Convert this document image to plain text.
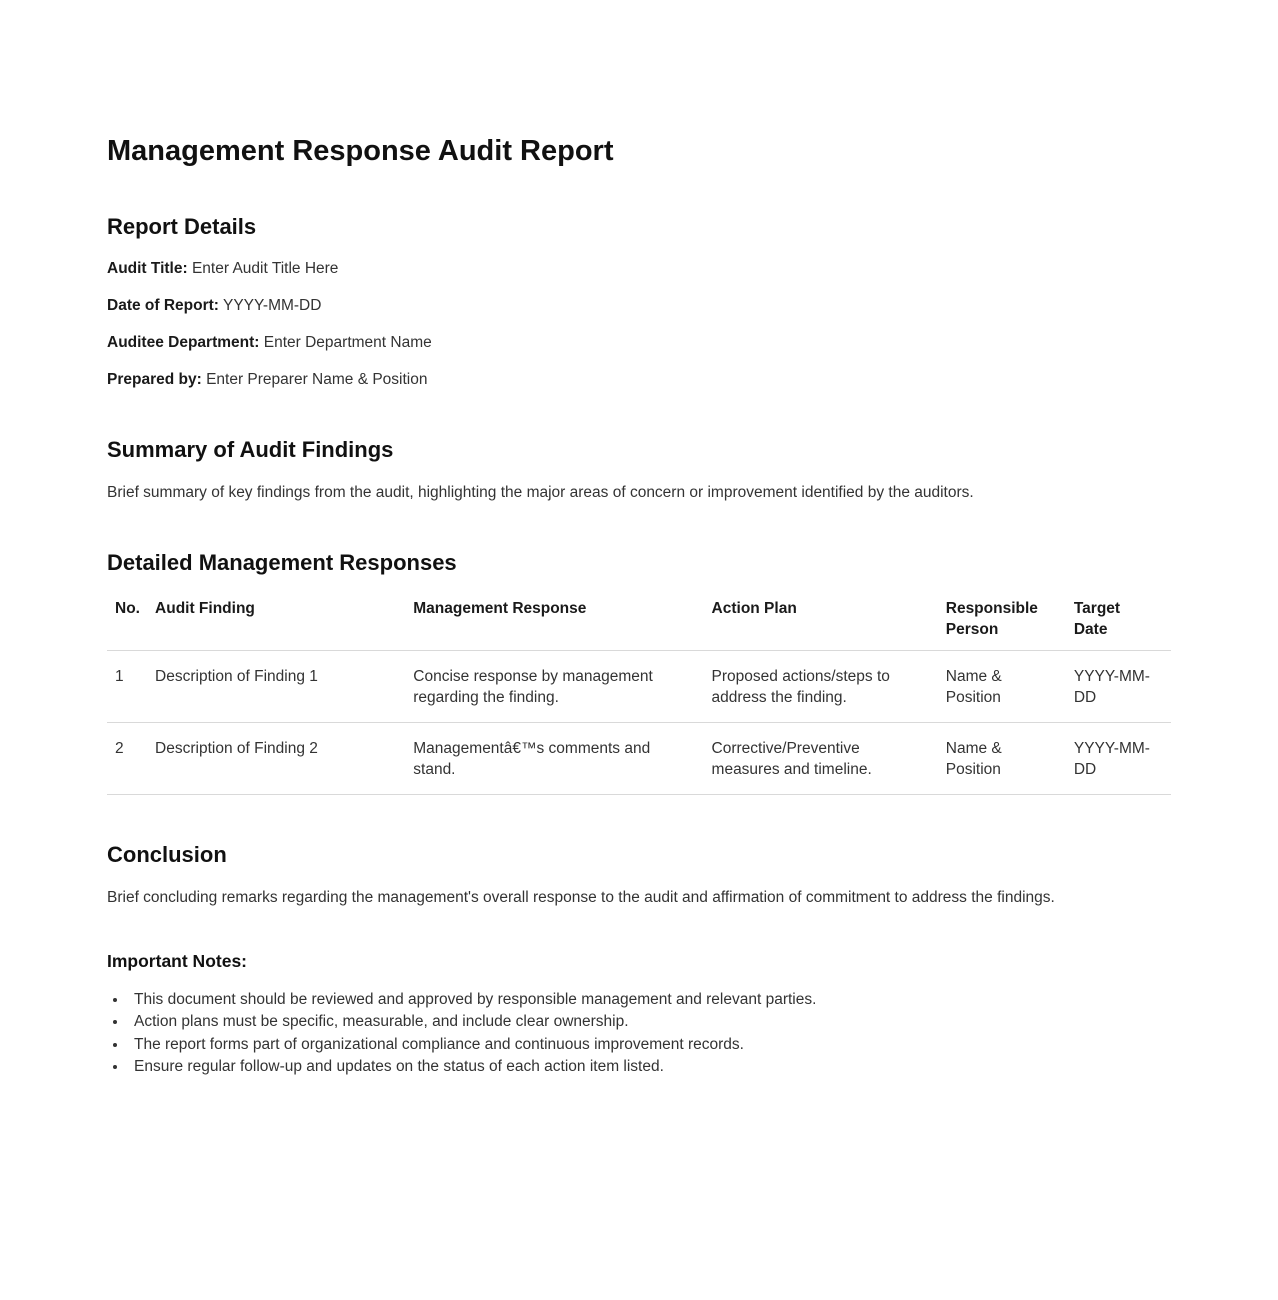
Management Response Audit Report
Report Details

Audit Title: Enter Audit Title Here

Date of Report: YYYY-MM-DD

Auditee Department: Enter Department Name

Prepared by: Enter Preparer Name & Position

Summary of Audit Findings

Brief summary of key findings from the audit, highlighting the major areas of concern or improvement identified by the auditors.

Detailed Management Responses
No.	Audit Finding	Management Response	Action Plan	Responsible Person	Target Date
1	Description of Finding 1	Concise response by management regarding the finding.	Proposed actions/steps to address the finding.	Name & Position	YYYY-MM-DD
2	Description of Finding 2	Managementâ€™s comments and stand.	Corrective/Preventive measures and timeline.	Name & Position	YYYY-MM-DD
Conclusion

Brief concluding remarks regarding the management's overall response to the audit and affirmation of commitment to address the findings.

Important Notes:
• This document should be reviewed and approved by responsible management and relevant parties.
• Action plans must be specific, measurable, and include clear ownership.
• The report forms part of organizational compliance and continuous improvement records.
• Ensure regular follow-up and updates on the status of each action item listed.
